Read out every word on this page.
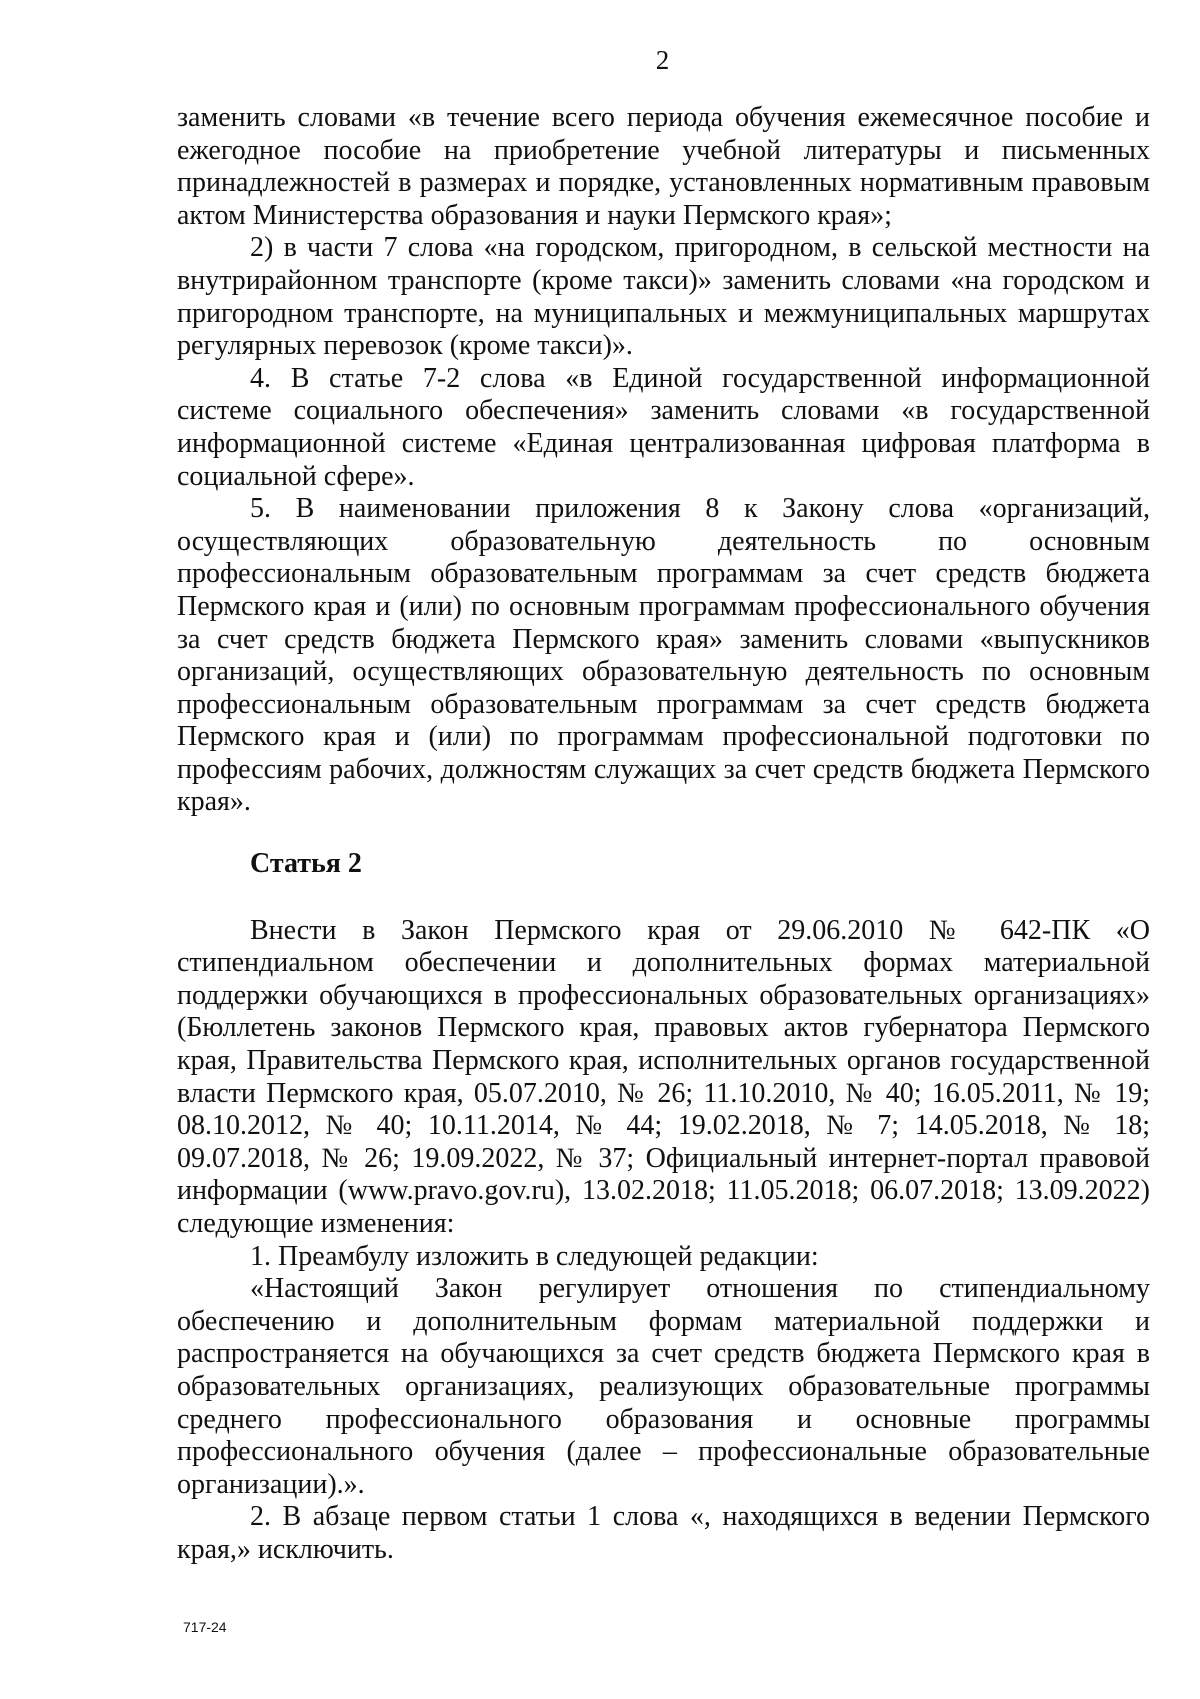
2

заменить словами «в течение всего периода обучения ежемесячное пособие и ежегодное пособие на приобретение учебной литературы и письменных принадлежностей в размерах и порядке, установленных нормативным правовым актом Министерства образования и науки Пермского края»;

2) в части 7 слова «на городском, пригородном, в сельской местности на внутрирайонном транспорте (кроме такси)» заменить словами «на городском и пригородном транспорте, на муниципальных и межмуниципальных маршрутах регулярных перевозок (кроме такси)».

4. В статье 7-2 слова «в Единой государственной информационной системе социального обеспечения» заменить словами «в государственной информационной системе «Единая централизованная цифровая платформа в социальной сфере».

5. В наименовании приложения 8 к Закону слова «организаций, осуществляющих образовательную деятельность по основным профессиональным образовательным программам за счет средств бюджета Пермского края и (или) по основным программам профессионального обучения за счет средств бюджета Пермского края» заменить словами «выпускников организаций, осуществляющих образовательную деятельность по основным профессиональным образовательным программам за счет средств бюджета Пермского края и (или) по программам профессиональной подготовки по профессиям рабочих, должностям служащих за счет средств бюджета Пермского края».

Статья 2

Внести в Закон Пермского края от 29.06.2010 № 642-ПК «О стипендиальном обеспечении и дополнительных формах материальной поддержки обучающихся в профессиональных образовательных организациях» (Бюллетень законов Пермского края, правовых актов губернатора Пермского края, Правительства Пермского края, исполнительных органов государственной власти Пермского края, 05.07.2010, № 26; 11.10.2010, № 40; 16.05.2011, № 19; 08.10.2012, № 40; 10.11.2014, № 44; 19.02.2018, № 7; 14.05.2018, № 18; 09.07.2018, № 26; 19.09.2022, № 37; Официальный интернет-портал правовой информации (www.pravo.gov.ru), 13.02.2018; 11.05.2018; 06.07.2018; 13.09.2022) следующие изменения:

1. Преамбулу изложить в следующей редакции:

«Настоящий Закон регулирует отношения по стипендиальному обеспечению и дополнительным формам материальной поддержки и распространяется на обучающихся за счет средств бюджета Пермского края в образовательных организациях, реализующих образовательные программы среднего профессионального образования и основные программы профессионального обучения (далее – профессиональные образовательные организации).».

2. В абзаце первом статьи 1 слова «, находящихся в ведении Пермского края,» исключить.

717-24
